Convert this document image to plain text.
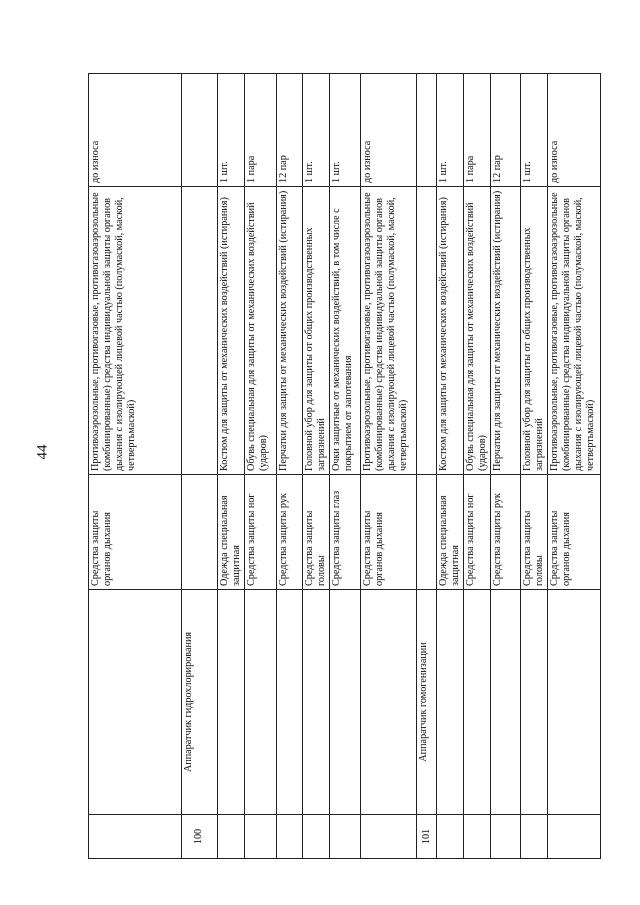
44
		Средства защиты органов дыхания	Противоаэрозольные, противогазовые, противогазоаэрозольные (комбинированные) средства индивидуальной защиты органов дыхания с изолирующей лицевой частью (полумаской, маской, четвертьмаской)	до износа
100	Аппаратчик гидрохлорирования			
		Одежда специальная защитная	Костюм для защиты от механических воздействий (истирания)	1 шт.
		Средства защиты ног	Обувь специальная для защиты от механических воздействий (ударов)	1 пара
		Средства защиты рук	Перчатки для защиты от механических воздействий (истирания)	12 пар
		Средства защиты головы	Головной убор для защиты от общих производственных загрязнений	1 шт.
		Средства защиты глаз	Очки защитные от механических воздействий, в том числе с покрытием от запотевания	1 шт.
		Средства защиты органов дыхания	Противоаэрозольные, противогазовые, противогазоаэрозольные (комбинированные) средства индивидуальной защиты органов дыхания с изолирующей лицевой частью (полумаской, маской, четвертьмаской)	до износа
101	Аппаратчик гомогенизации			
		Одежда специальная защитная	Костюм для защиты от механических воздействий (истирания)	1 шт.
		Средства защиты ног	Обувь специальная для защиты от механических воздействий (ударов)	1 пара
		Средства защиты рук	Перчатки для защиты от механических воздействий (истирания)	12 пар
		Средства защиты головы	Головной убор для защиты от общих производственных загрязнений	1 шт.
		Средства защиты органов дыхания	Противоаэрозольные, противогазовые, противогазоаэрозольные (комбинированные) средства индивидуальной защиты органов дыхания с изолирующей лицевой частью (полумаской, маской, четвертьмаской)	до износа
